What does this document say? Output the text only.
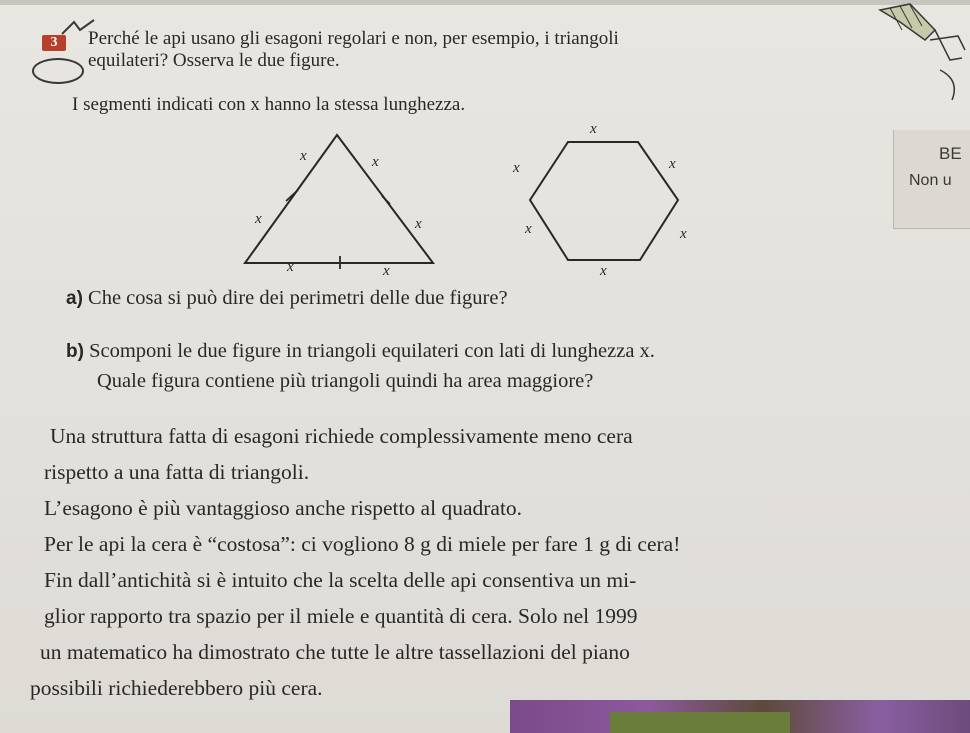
3	Perché le api usano gli esagoni regolari e non, per esempio, i triangoli
equilateri? Osserva le due figure.
I segmenti indicati con x hanno la stessa lunghezza.
BE
Non u
x	x
x	x
x	x
x
x	x
x	x
x
a) Che cosa si può dire dei perimetri delle due figure?
b) Scomponi le due figure in triangoli equilateri con lati di lunghezza x.
Quale figura contiene più triangoli quindi ha area maggiore?
Una struttura fatta di esagoni richiede complessivamente meno cera
rispetto a una fatta di triangoli.
L’esagono è più vantaggioso anche rispetto al quadrato.
Per le api la cera è “costosa”: ci vogliono 8 g di miele per fare 1 g di cera!
Fin dall’antichità si è intuito che la scelta delle api consentiva un mi-
glior rapporto tra spazio per il miele e quantità di cera. Solo nel 1999
un matematico ha dimostrato che tutte le altre tassellazioni del piano
possibili richiederebbero più cera.
